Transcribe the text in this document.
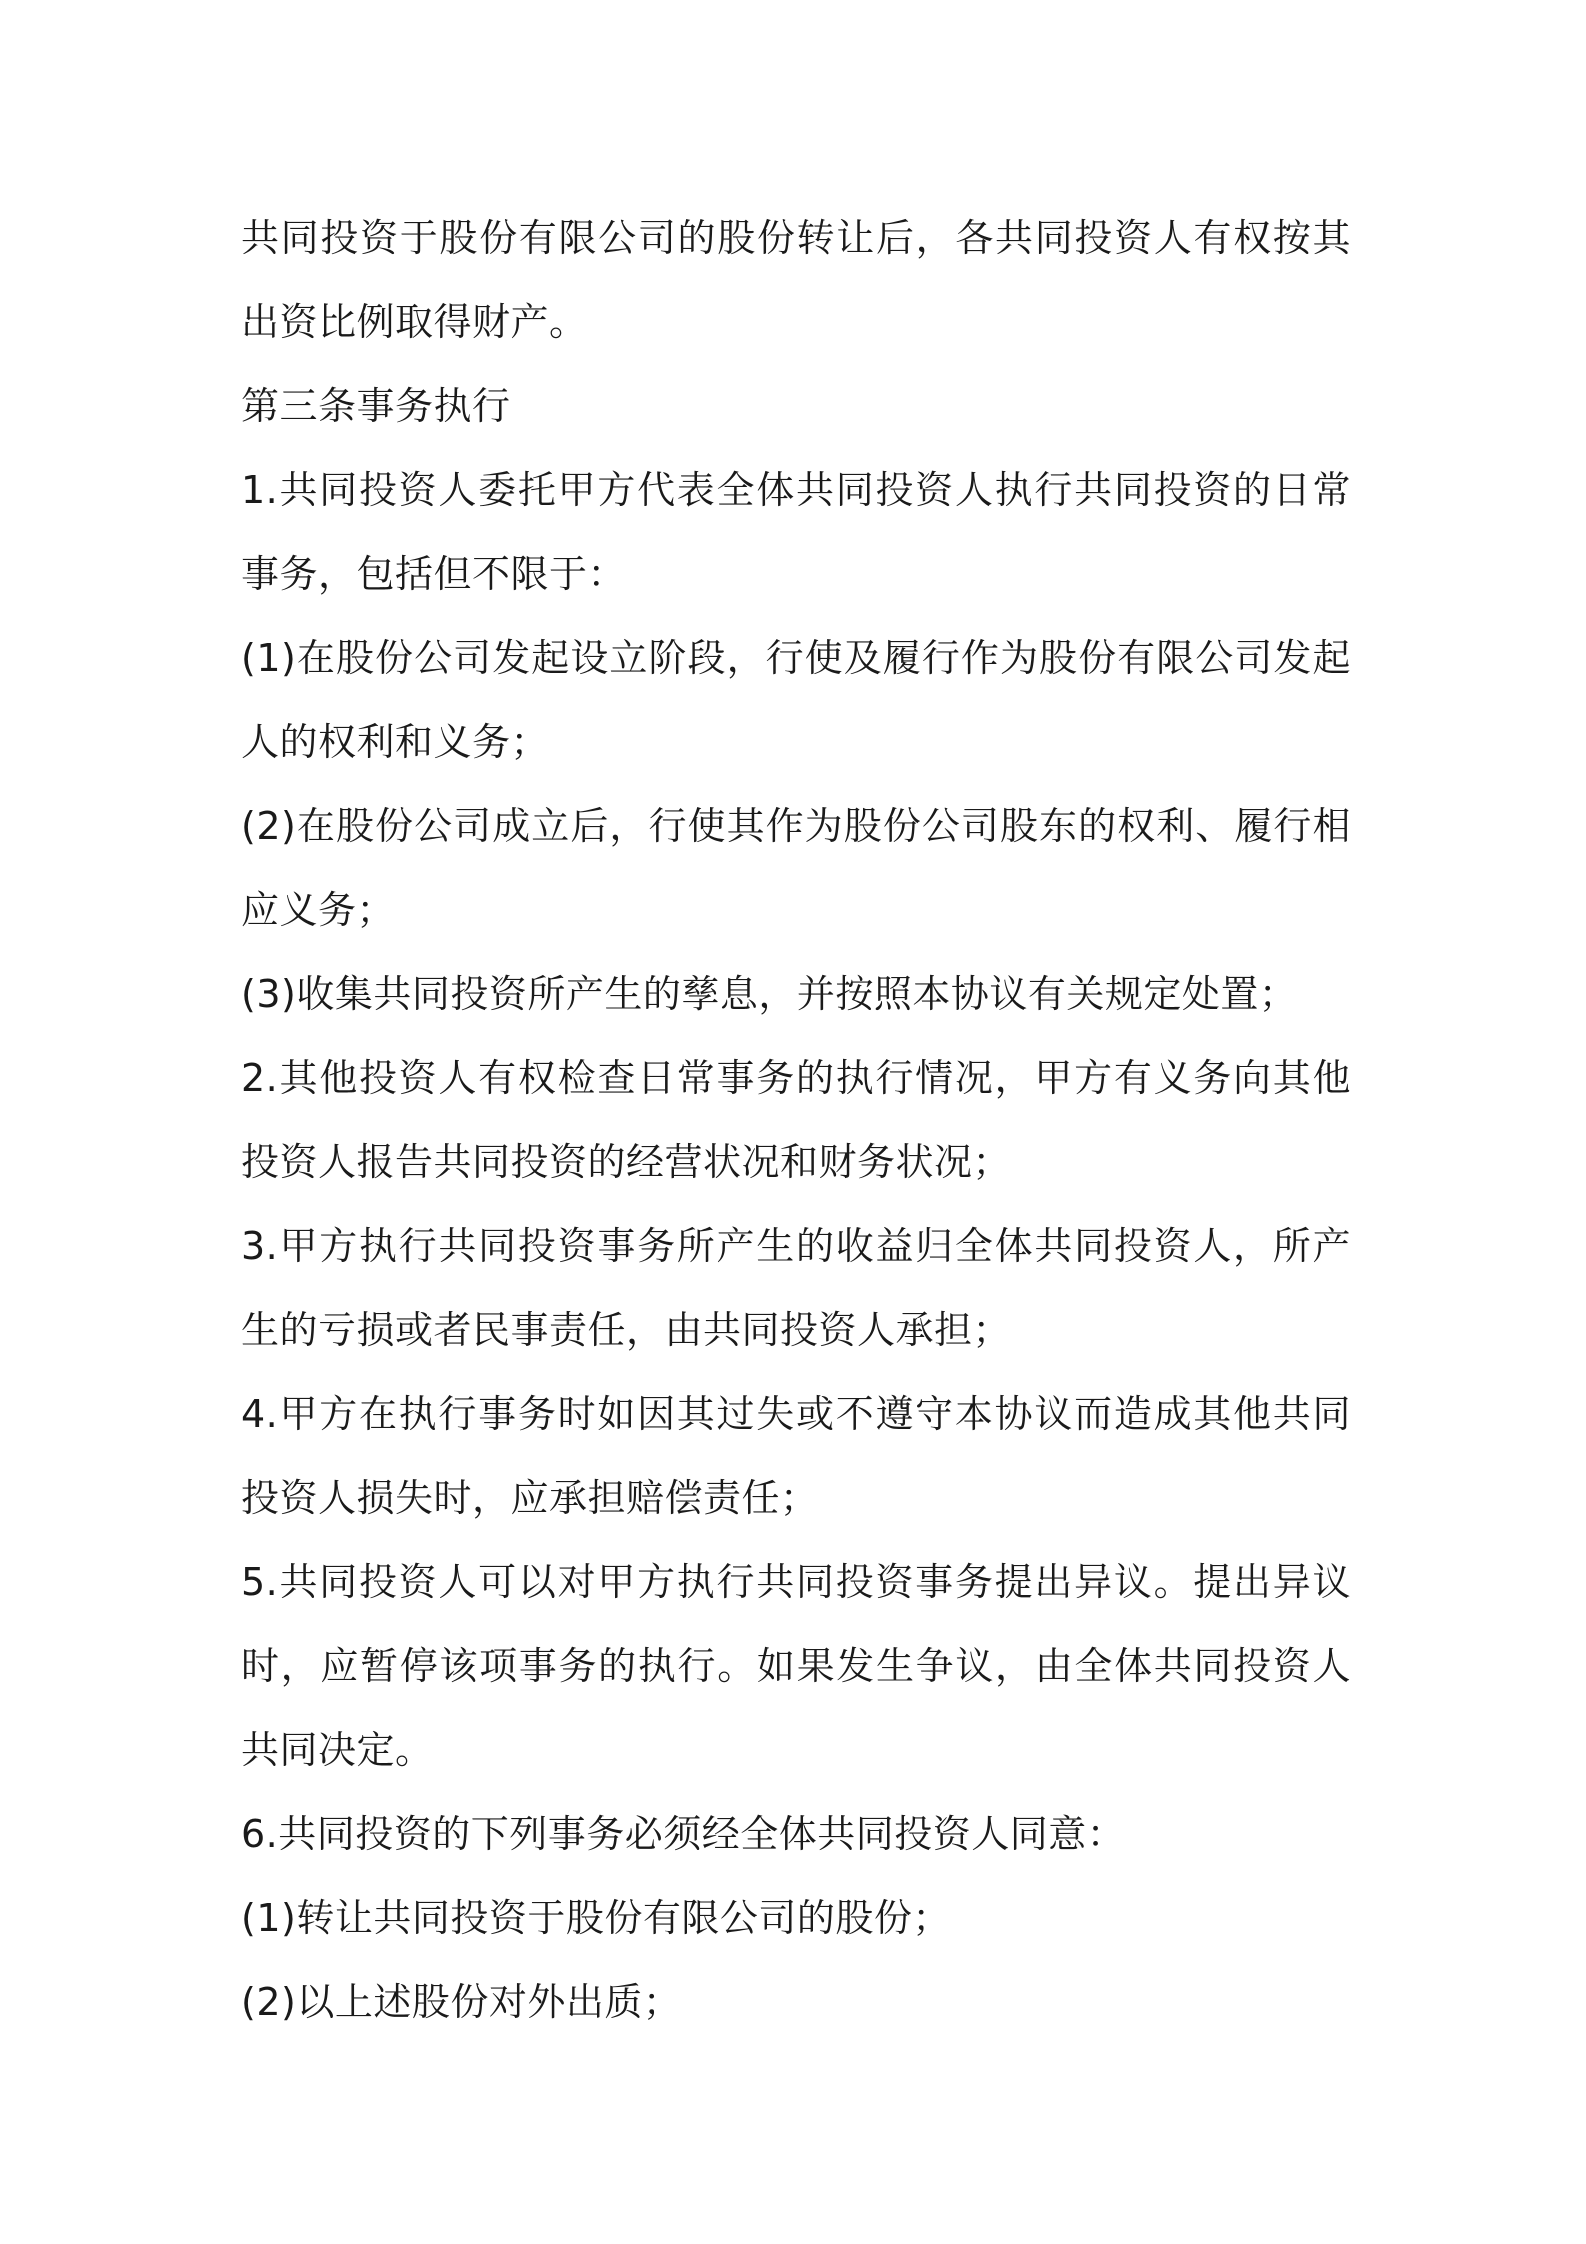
共同投资于股份有限公司的股份转让后，各共同投资人有权按其出资比例取得财产。

第三条事务执行

1.共同投资人委托甲方代表全体共同投资人执行共同投资的日常事务，包括但不限于：

(1)在股份公司发起设立阶段，行使及履行作为股份有限公司发起人的权利和义务；

(2)在股份公司成立后，行使其作为股份公司股东的权利、履行相应义务；

(3)收集共同投资所产生的孳息，并按照本协议有关规定处置；

2.其他投资人有权检查日常事务的执行情况，甲方有义务向其他投资人报告共同投资的经营状况和财务状况；

3.甲方执行共同投资事务所产生的收益归全体共同投资人，所产生的亏损或者民事责任，由共同投资人承担；

4.甲方在执行事务时如因其过失或不遵守本协议而造成其他共同投资人损失时，应承担赔偿责任；

5.共同投资人可以对甲方执行共同投资事务提出异议。提出异议时，应暂停该项事务的执行。如果发生争议，由全体共同投资人共同决定。

6.共同投资的下列事务必须经全体共同投资人同意：

(1)转让共同投资于股份有限公司的股份；

(2)以上述股份对外出质；
